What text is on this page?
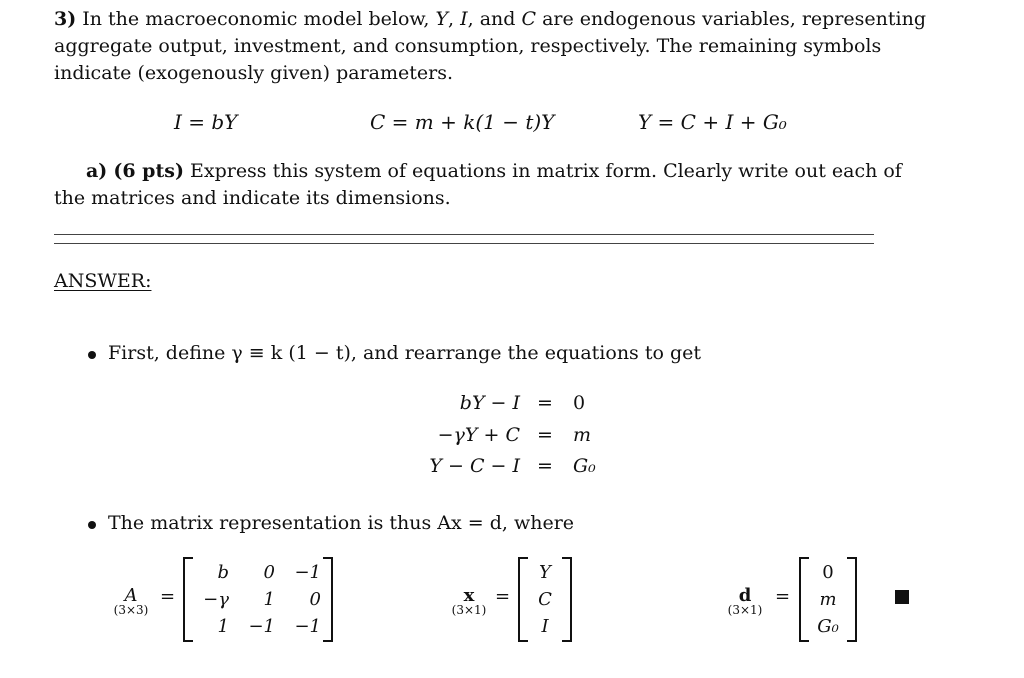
3) In the macroeconomic model below, Y, I, and C are endogenous variables, representing aggregate output, investment, and consumption, respectively. The remaining symbols indicate (exogenously given) parameters.

I = bY	C = m + k(1 − t)Y	Y = C + I + G₀

a) (6 pts) Express this system of equations in matrix form. Clearly write out each of the matrices and indicate its dimensions.

ANSWER:
First, define γ ≡ k (1 − t), and rearrange the equations to get
bY − I = 0
−γY + C = m
Y − C − I = G₀
The matrix representation is thus Ax = d, where
A
(3×3)
=
b	0	−1
−γ	1	0
1	−1	−1
x
(3×1)
=
Y
C
I
d
(3×1)
=
0
m
G₀
